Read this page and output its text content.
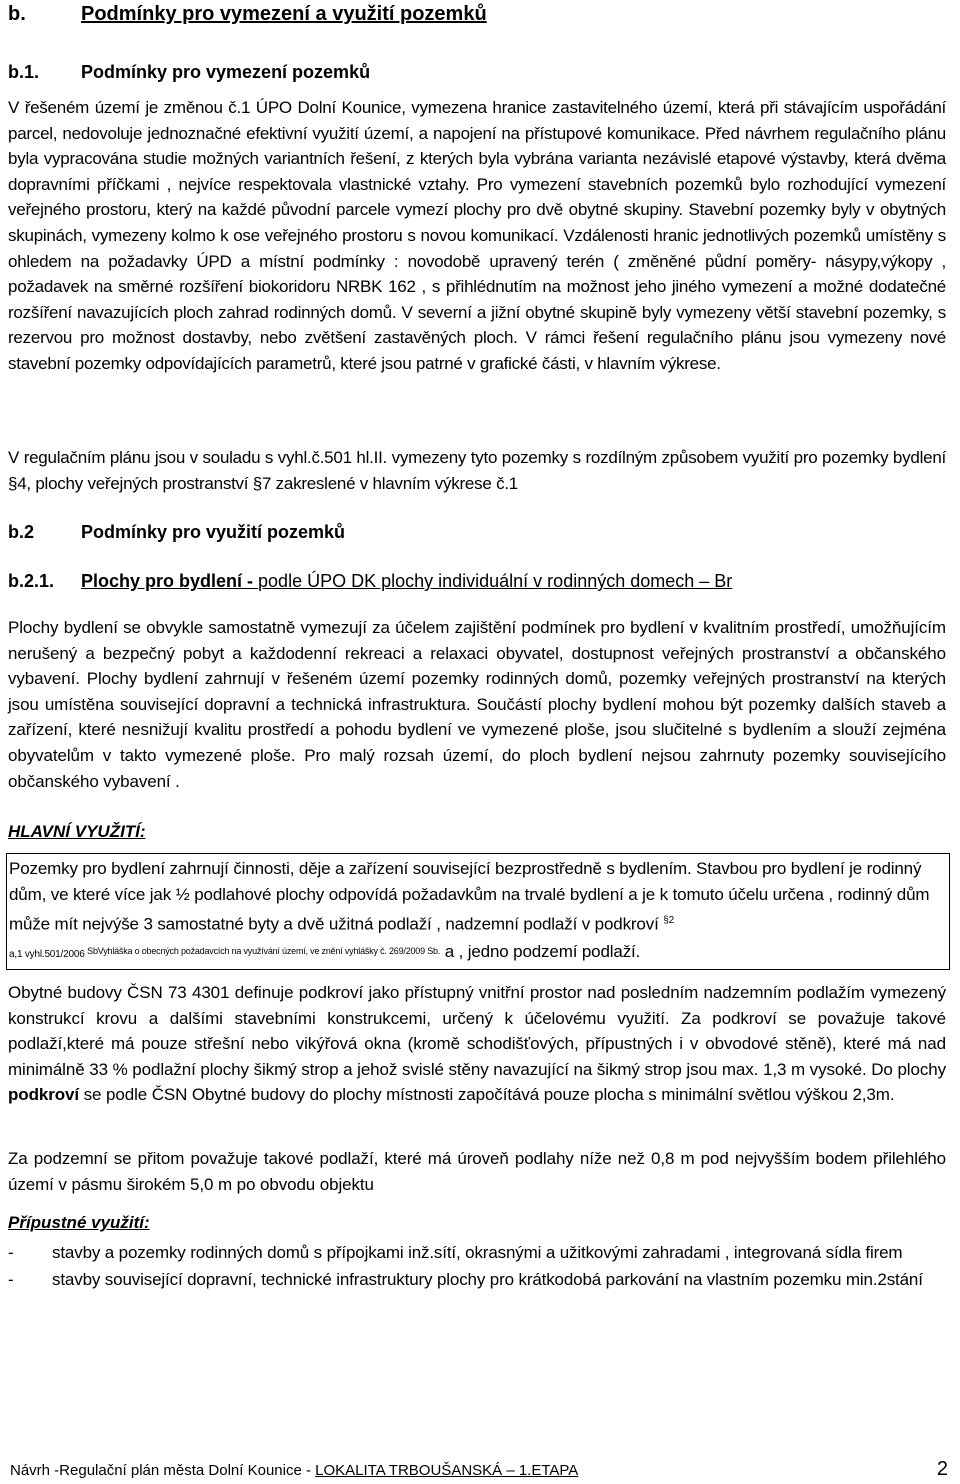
b.	Podmínky pro vymezení a využití pozemků
b.1. Podmínky pro vymezení pozemků
V řešeném území je změnou č.1 ÚPO Dolní Kounice, vymezena hranice zastavitelného území, která při stávajícím uspořádání parcel, nedovoluje jednoznačné efektivní využití území, a napojení na přístupové komunikace. Před návrhem regulačního plánu byla vypracována studie možných variantních řešení, z kterých byla vybrána varianta nezávislé etapové výstavby, která dvěma dopravními příčkami , nejvíce respektovala vlastnické vztahy. Pro vymezení stavebních pozemků bylo rozhodující vymezení veřejného prostoru, který na každé původní parcele vymezí plochy pro dvě obytné skupiny. Stavební pozemky byly v obytných skupinách, vymezeny kolmo k ose veřejného prostoru s novou komunikací. Vzdálenosti hranic jednotlivých pozemků umístěny s ohledem na požadavky ÚPD a místní podmínky : novodobě upravený terén ( změněné půdní poměry- násypy,výkopy , požadavek na směrné rozšíření biokoridoru NRBK 162 , s přihlédnutím na možnost jeho jiného vymezení a možné dodatečné rozšíření navazujících ploch zahrad rodinných domů. V severní a jižní obytné skupině byly vymezeny větší stavební pozemky, s rezervou pro možnost dostavby, nebo zvětšení zastavěných ploch. V rámci řešení regulačního plánu jsou vymezeny nové stavební pozemky odpovídajících parametrů, které jsou patrné v grafické části, v hlavním výkrese.
V regulačním plánu jsou v souladu s vyhl.č.501 hl.II. vymezeny tyto pozemky s rozdílným způsobem využití pro pozemky bydlení §4, plochy veřejných prostranství §7 zakreslené v hlavním výkrese č.1
b.2	Podmínky pro využití pozemků
b.2.1. Plochy pro bydlení - podle ÚPO DK plochy individuální v rodinných domech – Br
Plochy bydlení se obvykle samostatně vymezují za účelem zajištění podmínek pro bydlení v kvalitním prostředí, umožňujícím nerušený a bezpečný pobyt a každodenní rekreaci a relaxaci obyvatel, dostupnost veřejných prostranství a občanského vybavení. Plochy bydlení zahrnují v řešeném území pozemky rodinných domů, pozemky veřejných prostranství na kterých jsou umístěna související dopravní a technická infrastruktura. Součástí plochy bydlení mohou být pozemky dalších staveb a zařízení, které nesnižují kvalitu prostředí a pohodu bydlení ve vymezené ploše, jsou slučitelné s bydlením a slouží zejména obyvatelům v takto vymezené ploše. Pro malý rozsah území, do ploch bydlení nejsou zahrnuty pozemky souvisejícího občanského vybavení .
HLAVNÍ VYUŽITÍ:
Pozemky pro bydlení zahrnují činnosti, děje a zařízení související bezprostředně s bydlením. Stavbou pro bydlení je rodinný dům, ve které více jak ½ podlahové plochy odpovídá požadavkům na trvalé bydlení a je k tomuto účelu určena , rodinný dům může mít nejvýše 3 samostatné byty a dvě užitná podlaží , nadzemní podlaží v podkroví $^{\S 2}$
a,1 vyhl.501/2006 SbVyhláška o obecných požadavcích na využívání území, ve znění vyhlášky č. 269/2009 Sb. a , jedno podzemí podlaží.
Obytné budovy ČSN 73 4301 definuje podkroví jako přístupný vnitřní prostor nad posledním nadzemním podlažím vymezený konstrukcí krovu a dalšími stavebními konstrukcemi, určený k účelovému využití. Za podkroví se považuje takové podlaží,které má pouze střešní nebo vikýřová okna (kromě schodišťových, přípustných i v obvodové stěně), které má nad minimálně 33 % podlažní plochy šikmý strop a jehož svislé stěny navazující na šikmý strop jsou max. 1,3 m vysoké. Do plochy podkroví se podle ČSN Obytné budovy do plochy místnosti započítává pouze plocha s minimální světlou výškou 2,3m.
Za podzemní se přitom považuje takové podlaží, které má úroveň podlahy níže než 0,8 m pod nejvyšším bodem přilehlého území v pásmu širokém 5,0 m po obvodu objektu
Přípustné využití:
- stavby a pozemky rodinných domů s přípojkami inž.sítí, okrasnými a užitkovými zahradami , integrovaná sídla firem
- stavby související dopravní, technické infrastruktury plochy pro krátkodobá parkování na vlastním pozemku min.2stání
Návrh -Regulační plán města Dolní Kounice - LOKALITA TRBOUŠANSKÁ – 1.ETAPA	2
